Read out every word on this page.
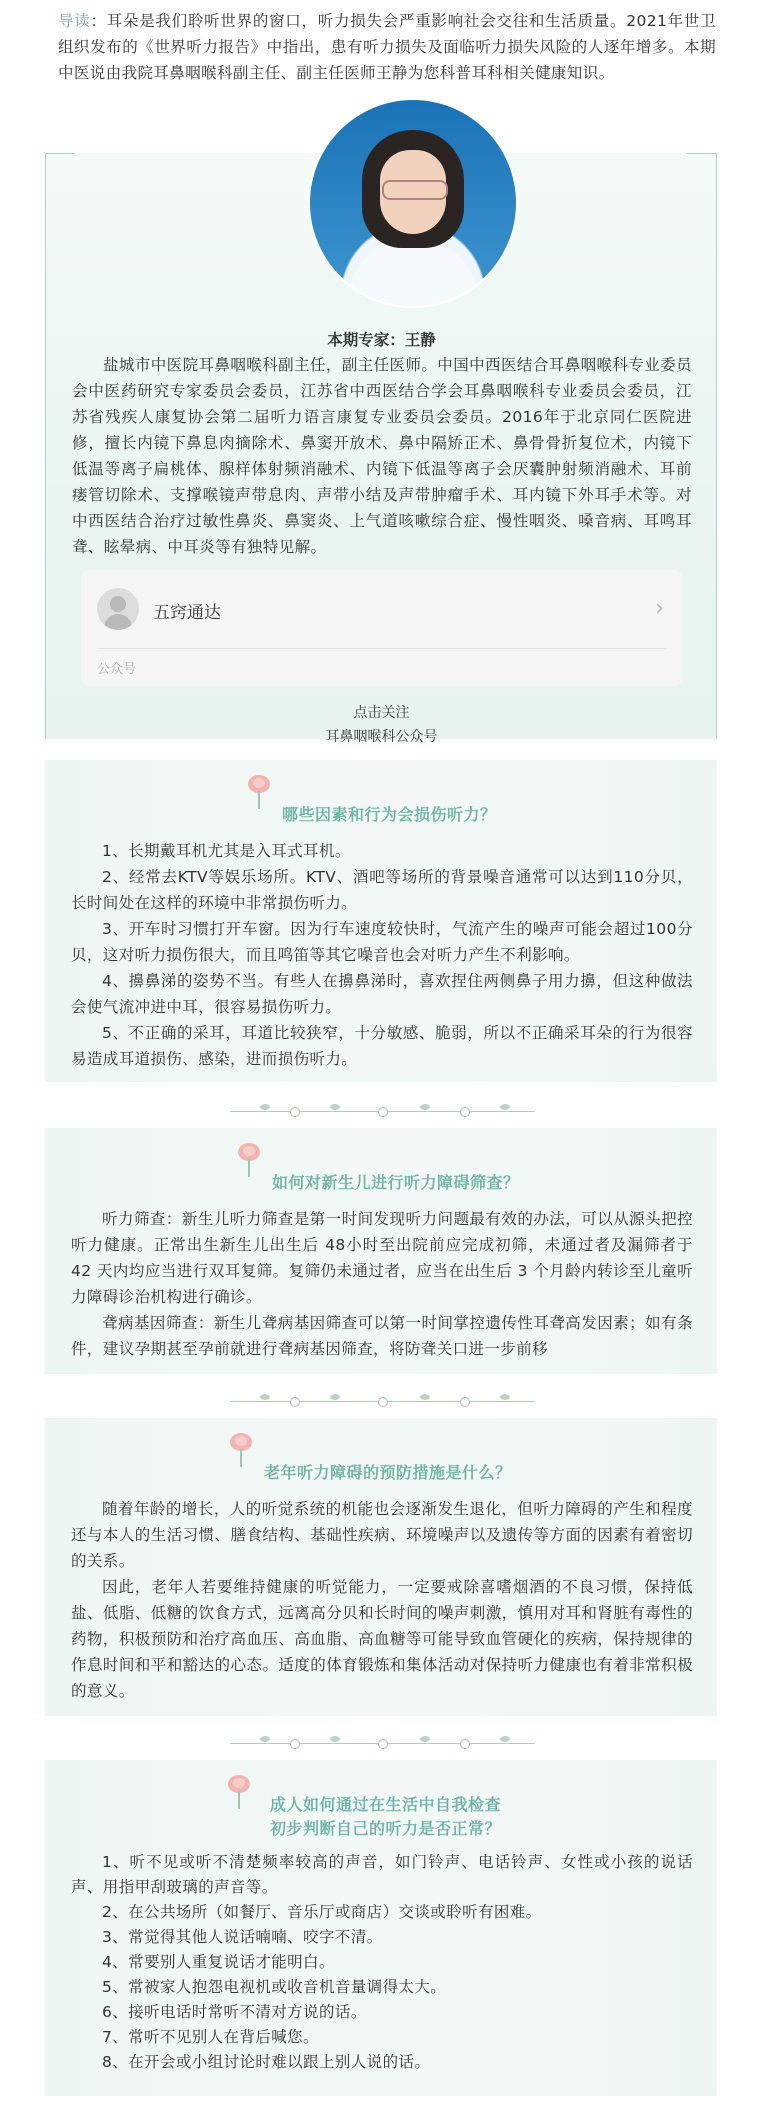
导读：耳朵是我们聆听世界的窗口，听力损失会严重影响社会交往和生活质量。2021年世卫组织发布的《世界听力报告》中指出，患有听力损失及面临听力损失风险的人逐年增多。本期中医说由我院耳鼻咽喉科副主任、副主任医师王静为您科普耳科相关健康知识。

本期专家：王静

盐城市中医院耳鼻咽喉科副主任，副主任医师。中国中西医结合耳鼻咽喉科专业委员会中医药研究专家委员会委员，江苏省中西医结合学会耳鼻咽喉科专业委员会委员，江苏省残疾人康复协会第二届听力语言康复专业委员会委员。2016年于北京同仁医院进修，擅长内镜下鼻息肉摘除术、鼻窦开放术、鼻中隔矫正术、鼻骨骨折复位术，内镜下低温等离子扁桃体、腺样体射频消融术、内镜下低温等离子会厌囊肿射频消融术、耳前瘘管切除术、支撑喉镜声带息肉、声带小结及声带肿瘤手术、耳内镜下外耳手术等。对中西医结合治疗过敏性鼻炎、鼻窦炎、上气道咳嗽综合症、慢性咽炎、嗓音病、耳鸣耳聋、眩晕病、中耳炎等有独特见解。

五窍通达	›
公众号

点击关注

耳鼻咽喉科公众号

哪些因素和行为会损伤听力？

1、长期戴耳机尤其是入耳式耳机。

2、经常去KTV等娱乐场所。KTV、酒吧等场所的背景噪音通常可以达到110分贝，长时间处在这样的环境中非常损伤听力。

3、开车时习惯打开车窗。因为行车速度较快时，气流产生的噪声可能会超过100分贝，这对听力损伤很大，而且鸣笛等其它噪音也会对听力产生不利影响。

4、擤鼻涕的姿势不当。有些人在擤鼻涕时，喜欢捏住两侧鼻子用力擤，但这种做法会使气流冲进中耳，很容易损伤听力。

5、不正确的采耳，耳道比较狭窄，十分敏感、脆弱，所以不正确采耳朵的行为很容易造成耳道损伤、感染，进而损伤听力。

如何对新生儿进行听力障碍筛查？

听力筛查：新生儿听力筛查是第一时间发现听力问题最有效的办法，可以从源头把控听力健康。正常出生新生儿出生后 48小时至出院前应完成初筛，未通过者及漏筛者于 42 天内均应当进行双耳复筛。复筛仍未通过者，应当在出生后 3 个月龄内转诊至儿童听力障碍诊治机构进行确诊。

聋病基因筛查：新生儿聋病基因筛查可以第一时间掌控遗传性耳聋高发因素；如有条件，建议孕期甚至孕前就进行聋病基因筛查，将防聋关口进一步前移

老年听力障碍的预防措施是什么？

随着年龄的增长，人的听觉系统的机能也会逐渐发生退化，但听力障碍的产生和程度还与本人的生活习惯、膳食结构、基础性疾病、环境噪声以及遗传等方面的因素有着密切的关系。

因此，老年人若要维持健康的听觉能力，一定要戒除喜嗜烟酒的不良习惯，保持低盐、低脂、低糖的饮食方式，远离高分贝和长时间的噪声刺激，慎用对耳和肾脏有毒性的药物，积极预防和治疗高血压、高血脂、高血糖等可能导致血管硬化的疾病，保持规律的作息时间和平和豁达的心态。适度的体育锻炼和集体活动对保持听力健康也有着非常积极的意义。

成人如何通过在生活中自我检查

初步判断自己的听力是否正常？

1、听不见或听不清楚频率较高的声音，如门铃声、电话铃声、女性或小孩的说话声、用指甲刮玻璃的声音等。

2、在公共场所（如餐厅、音乐厅或商店）交谈或聆听有困难。

3、常觉得其他人说话喃喃、咬字不清。

4、常要别人重复说话才能明白。

5、常被家人抱怨电视机或收音机音量调得太大。

6、接听电话时常听不清对方说的话。

7、常听不见别人在背后喊您。

8、在开会或小组讨论时难以跟上别人说的话。
